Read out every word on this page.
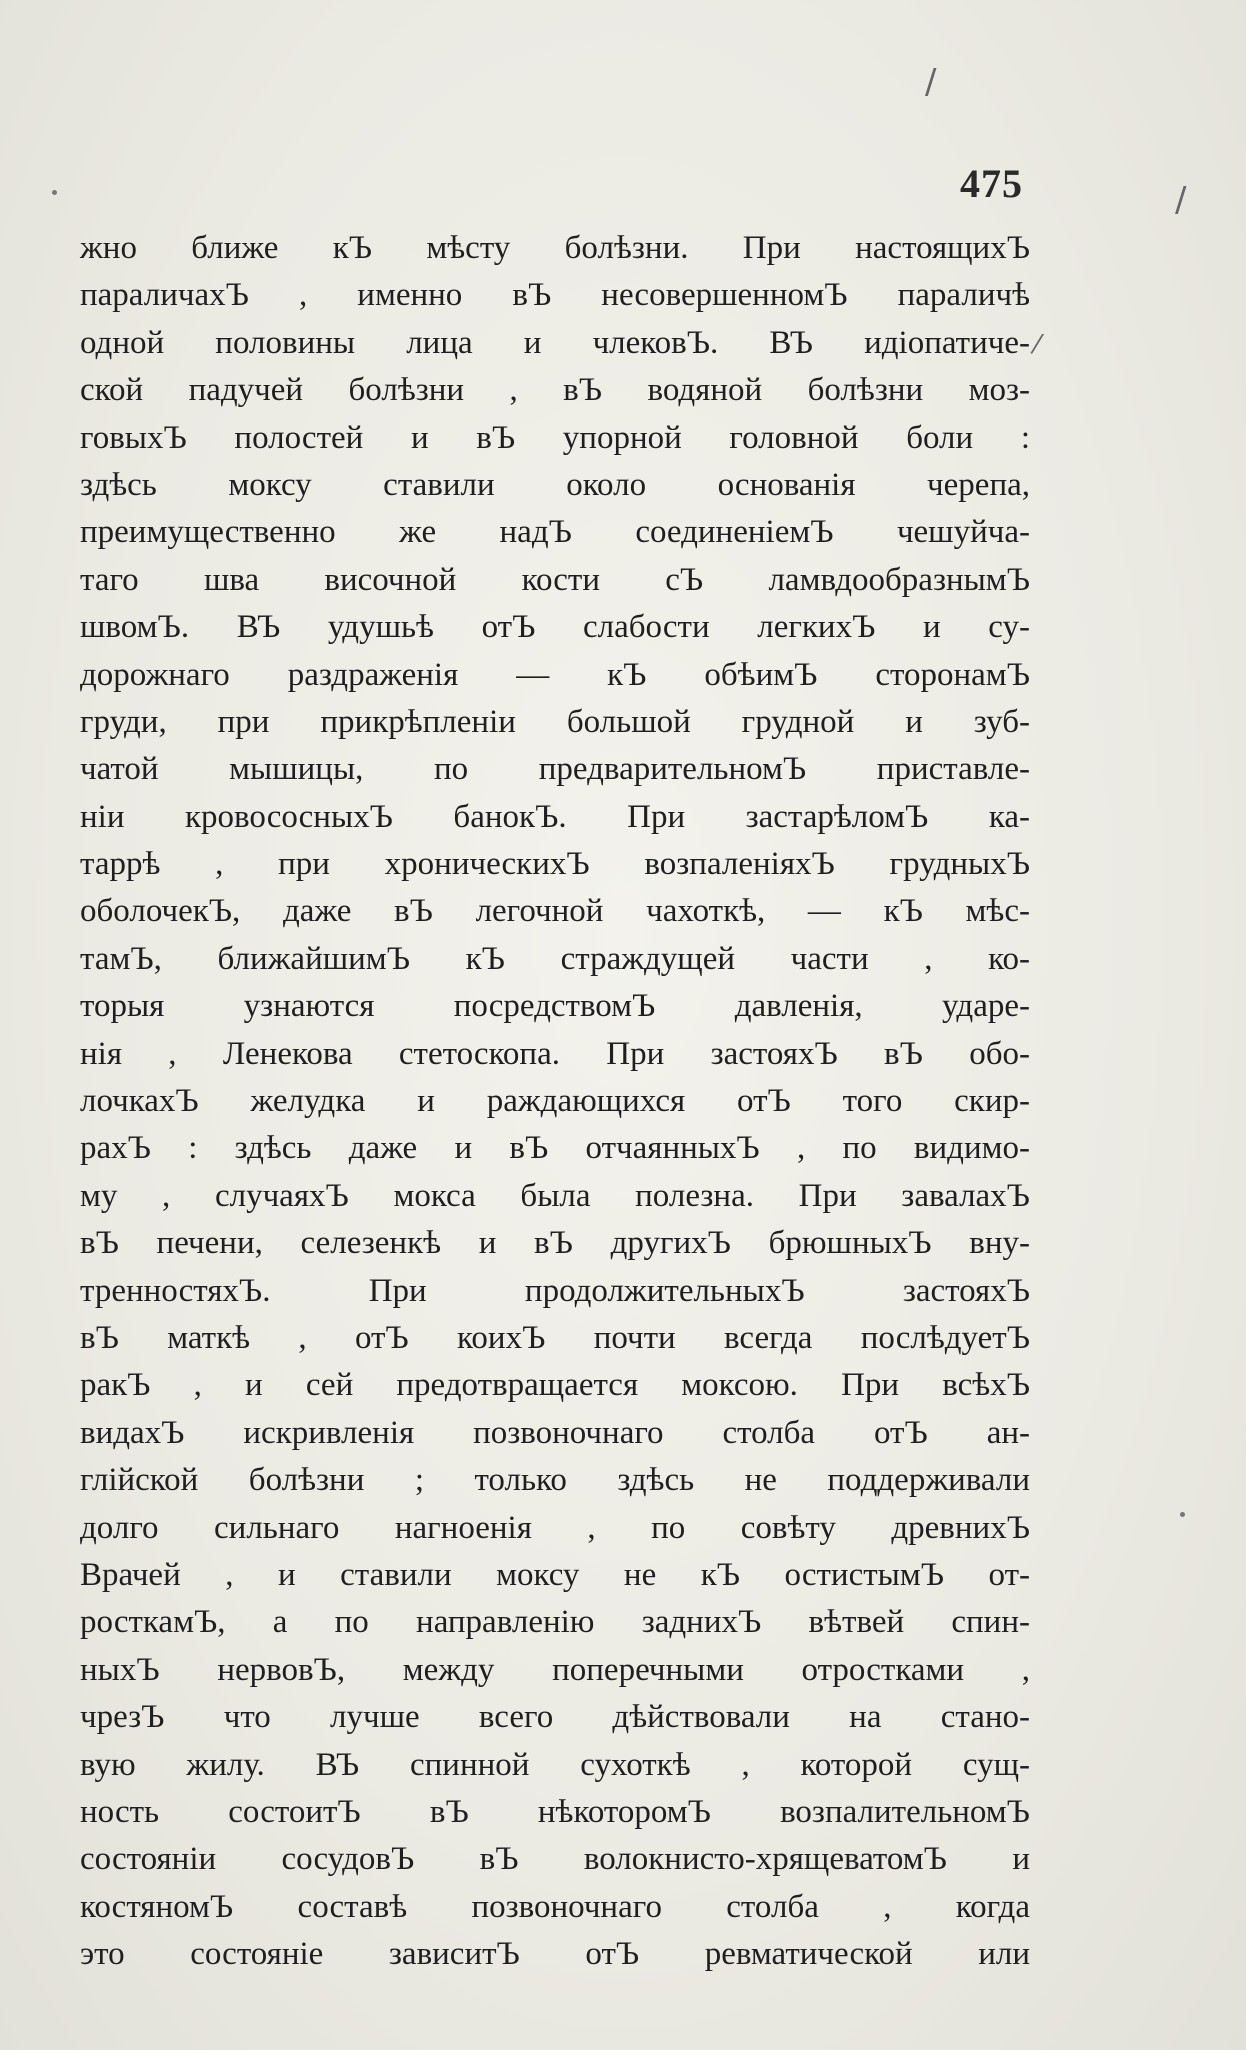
475
/
/
⁄
жно ближе кЪ мѣсту болѣзни. При настоящихЪ
параличахЪ , именно вЪ несовершенномЪ параличѣ
одной половины лица и члековЪ. ВЪ идіопатиче-
ской падучей болѣзни , вЪ водяной болѣзни моз-
говыхЪ полостей и вЪ упорной головной боли :
здѣсь моксу ставили около основанія черепа,
преимущественно же надЪ соединеніемЪ чешуйча-
таго шва височной кости сЪ ламвдообразнымЪ
швомЪ. ВЪ удушьѣ отЪ слабости легкихЪ и су-
дорожнаго раздраженія — кЪ обѣимЪ сторонамЪ
груди, при прикрѣпленіи большой грудной и зуб-
чатой мышицы, по предварительномЪ приставле-
ніи кровососныхЪ банокЪ. При застарѣломЪ ка-
таррѣ , при хроническихЪ возпаленіяхЪ грудныхЪ
оболочекЪ, даже вЪ легочной чахоткѣ, — кЪ мѣс-
тамЪ, ближайшимЪ кЪ страждущей части , ко-
торыя узнаются посредствомЪ давленія, ударе-
нія , Ленекова стетоскопа. При застояхЪ вЪ обо-
лочкахЪ желудка и раждающихся отЪ того скир-
рахЪ : здѣсь даже и вЪ отчаянныхЪ , по видимо-
му , случаяхЪ мокса была полезна. При завалахЪ
вЪ печени, селезенкѣ и вЪ другихЪ брюшныхЪ вну-
тренностяхЪ. При продолжительныхЪ застояхЪ
вЪ маткѣ , отЪ коихЪ почти всегда послѣдуетЪ
ракЪ , и сей предотвращается моксою. При всѣхЪ
видахЪ искривленія позвоночнаго столба отЪ ан-
глійской болѣзни ; только здѣсь не поддерживали
долго сильнаго нагноенія , по совѣту древнихЪ
Врачей , и ставили моксу не кЪ остистымЪ от-
росткамЪ, а по направленію заднихЪ вѣтвей спин-
ныхЪ нервовЪ, между поперечными отростками ,
чрезЪ что лучше всего дѣйствовали на стано-
вую жилу. ВЪ спинной сухоткѣ , которой сущ-
ность состоитЪ вЪ нѣкоторомЪ возпалительномЪ
состояніи сосудовЪ вЪ волокнисто-хрящеватомЪ и
костяномЪ составѣ позвоночнаго столба , когда
это состояніе зависитЪ отЪ ревматической или
